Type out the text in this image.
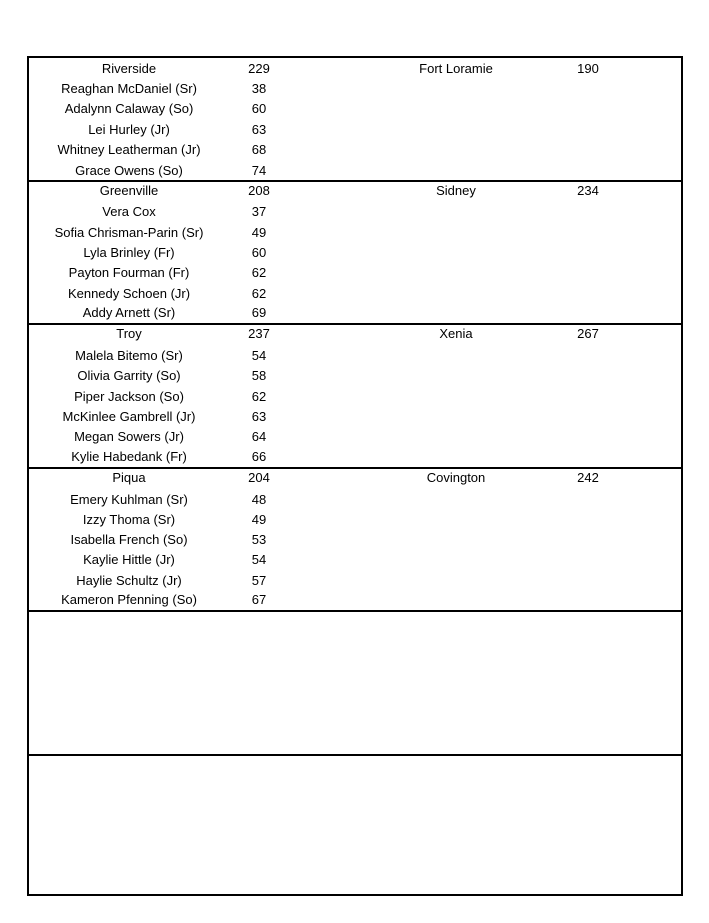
Riverside	229	Fort Loramie	190
Reaghan McDaniel (Sr)	38
Adalynn Calaway (So)	60
Lei Hurley (Jr)	63
Whitney Leatherman (Jr)	68
Grace Owens (So)	74
Greenville	208	Sidney	234
Vera Cox	37
Sofia Chrisman-Parin (Sr)	49
Lyla Brinley (Fr)	60
Payton Fourman (Fr)	62
Kennedy Schoen (Jr)	62
Addy Arnett (Sr)	69
Troy	237	Xenia	267
Malela Bitemo (Sr)	54
Olivia Garrity (So)	58
Piper Jackson (So)	62
McKinlee Gambrell (Jr)	63
Megan Sowers (Jr)	64
Kylie Habedank (Fr)	66
Piqua	204	Covington	242
Emery Kuhlman (Sr)	48
Izzy Thoma (Sr)	49
Isabella French (So)	53
Kaylie Hittle (Jr)	54
Haylie Schultz (Jr)	57
Kameron Pfenning (So)	67
